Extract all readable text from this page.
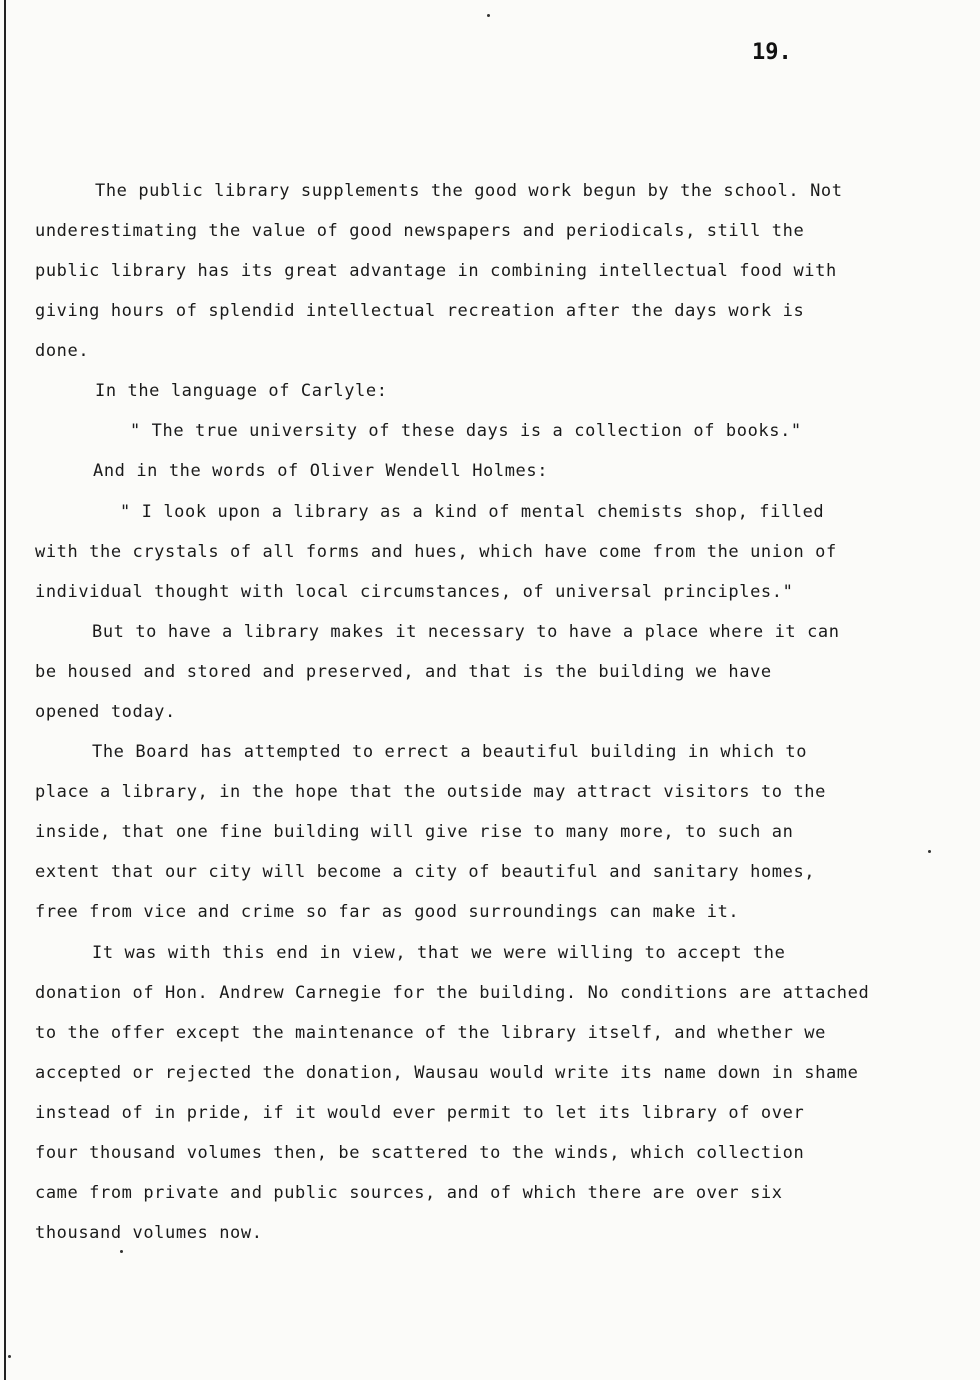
19.
The public library supplements the good work begun by the school. Not
underestimating the value of good newspapers and periodicals, still the
public library has its great advantage in combining intellectual food with
giving hours of splendid intellectual recreation after the days work is
done.
In the language of Carlyle:
" The true university of these days is a collection of books."
And in the words of Oliver Wendell Holmes:
" I look upon a library as a kind of mental chemists shop, filled
with the crystals of all forms and hues, which have come from the union of
individual thought with local circumstances, of universal principles."
But to have a library makes it necessary to have a place where it can
be housed and stored and preserved, and that is the building we have
opened today.
The Board has attempted to errect a beautiful building in which to
place a library, in the hope that the outside may attract visitors to the
inside, that one fine building will give rise to many more, to such an
extent that our city will become a city of beautiful and sanitary homes,
free from vice and crime so far as good surroundings can make it.
It was with this end in view, that we were willing to accept the
donation of Hon. Andrew Carnegie for the building. No conditions are attached
to the offer except the maintenance of the library itself, and whether we
accepted or rejected the donation, Wausau would write its name down in shame
instead of in pride, if it would ever permit to let its library of over
four thousand volumes then, be scattered to the winds, which collection
came from private and public sources, and of which there are over six
thousand volumes now.
